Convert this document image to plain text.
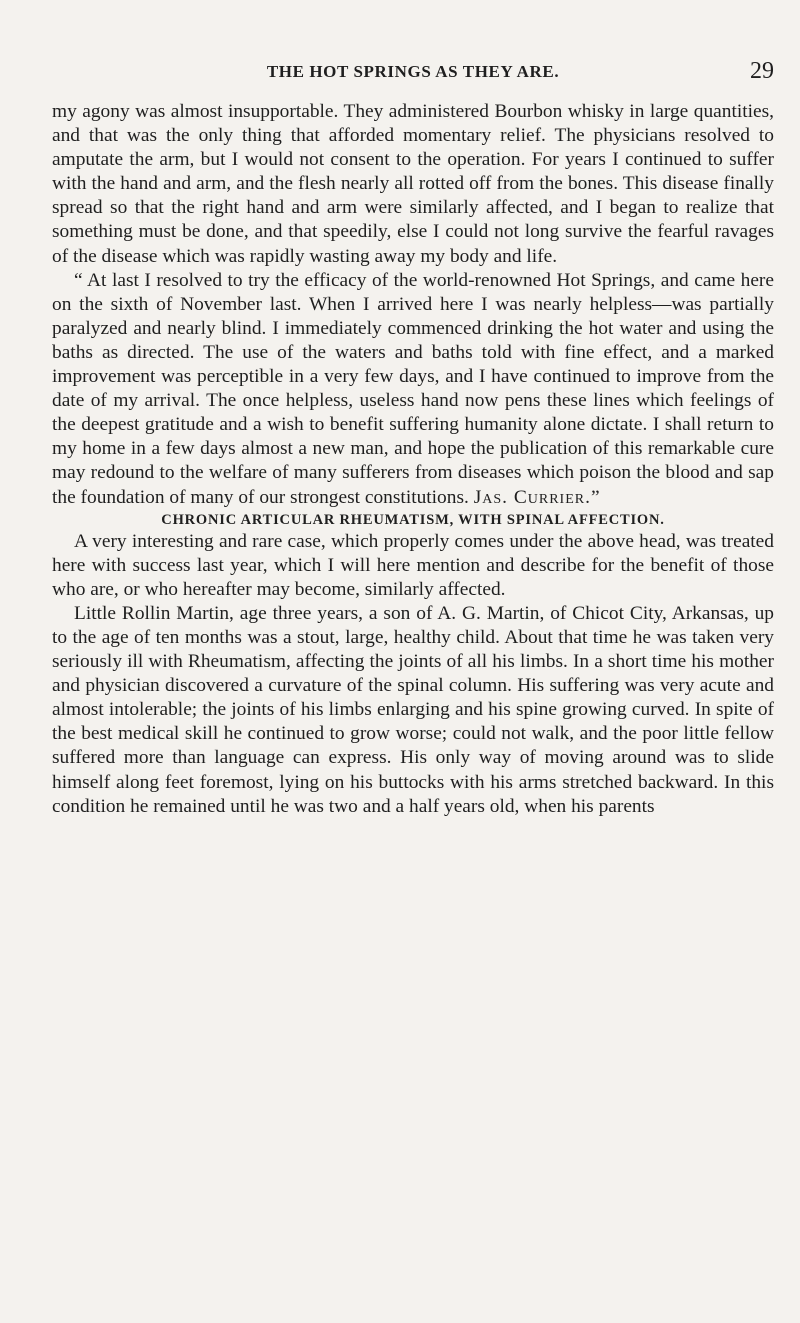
THE HOT SPRINGS AS THEY ARE.	29

my agony was almost insupportable. They administered Bourbon whisky in large quantities, and that was the only thing that afforded momentary relief. The physicians resolved to amputate the arm, but I would not consent to the operation. For years I continued to suffer with the hand and arm, and the flesh nearly all rotted off from the bones. This disease finally spread so that the right hand and arm were similarly affected, and I began to realize that something must be done, and that speedily, else I could not long survive the fearful ravages of the disease which was rapidly wasting away my body and life.

“ At last I resolved to try the efficacy of the world-renowned Hot Springs, and came here on the sixth of November last. When I arrived here I was nearly helpless—was partially paralyzed and nearly blind. I immediately commenced drinking the hot water and using the baths as directed. The use of the waters and baths told with fine effect, and a marked improvement was perceptible in a very few days, and I have continued to improve from the date of my arrival. The once helpless, useless hand now pens these lines which feelings of the deepest gratitude and a wish to benefit suffering humanity alone dictate. I shall return to my home in a few days almost a new man, and hope the publication of this remarkable cure may redound to the welfare of many sufferers from diseases which poison the blood and sap the foundation of many of our strongest constitutions. Jas. Currier.”

CHRONIC ARTICULAR RHEUMATISM, WITH SPINAL AFFECTION.

A very interesting and rare case, which properly comes under the above head, was treated here with success last year, which I will here mention and describe for the benefit of those who are, or who hereafter may become, similarly affected.

Little Rollin Martin, age three years, a son of A. G. Martin, of Chicot City, Arkansas, up to the age of ten months was a stout, large, healthy child. About that time he was taken very seriously ill with Rheumatism, affecting the joints of all his limbs. In a short time his mother and physician discovered a curvature of the spinal column. His suffering was very acute and almost intolerable; the joints of his limbs enlarging and his spine growing curved. In spite of the best medical skill he continued to grow worse; could not walk, and the poor little fellow suffered more than language can express. His only way of moving around was to slide himself along feet foremost, lying on his buttocks with his arms stretched backward. In this condition he remained until he was two and a half years old, when his parents
